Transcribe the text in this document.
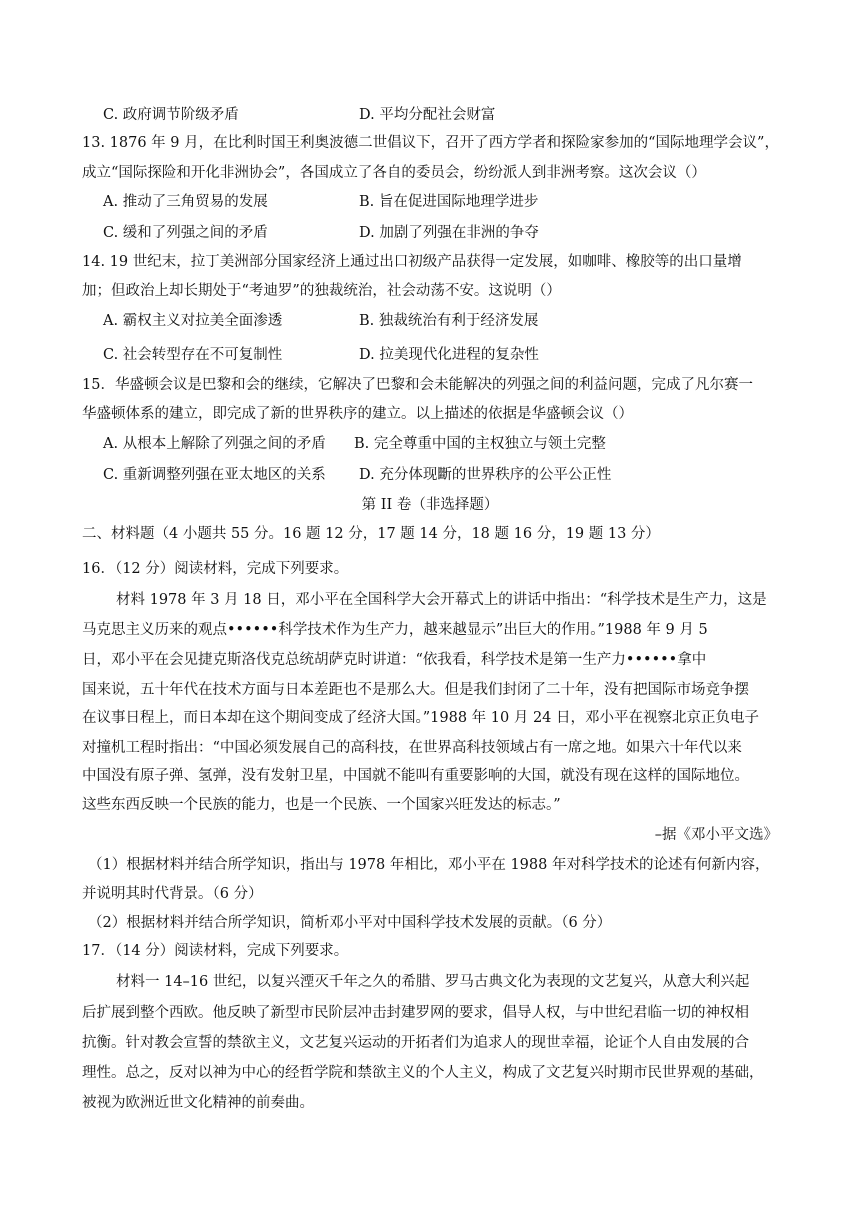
C. 政府调节阶级矛盾	D. 平均分配社会财富
13. 1876 年 9 月，在比利时国王利奥波德二世倡议下，召开了西方学者和探险家参加的“国际地理学会议”，
成立“国际探险和开化非洲协会”，各国成立了各自的委员会，纷纷派人到非洲考察。这次会议（）
A. 推动了三角贸易的发展	B. 旨在促进国际地理学进步
C. 缓和了列强之间的矛盾	D. 加剧了列强在非洲的争夺
14. 19 世纪末，拉丁美洲部分国家经济上通过出口初级产品获得一定发展，如咖啡、橡胶等的出口量增
加；但政治上却长期处于“考迪罗”的独裁统治，社会动荡不安。这说明（）
A. 霸权主义对拉美全面渗透	B. 独裁统治有利于经济发展
C. 社会转型存在不可复制性	D. 拉美现代化进程的复杂性
15．华盛顿会议是巴黎和会的继续，它解决了巴黎和会未能解决的列强之间的利益问题，完成了凡尔赛一
华盛顿体系的建立，即完成了新的世界秩序的建立。以上描述的依据是华盛顿会议（）
A. 从根本上解除了列强之间的矛盾 B. 完全尊重中国的主权独立与领土完整
C. 重新调整列强在亚太地区的关系 D. 充分体现斷的世界秩序的公平公正性
第 II 卷（非选择题）
二、材料题（4 小题共 55 分。16 题 12 分，17 题 14 分，18 题 16 分，19 题 13 分）
16．（12 分）阅读材料，完成下列要求。
材料 1978 年 3 月 18 日，邓小平在全国科学大会开幕式上的讲话中指出：“科学技术是生产力，这是
马克思主义历来的观点••••••科学技术作为生产力，越来越显示”出巨大的作用。”1988 年 9 月 5
日，邓小平在会见捷克斯洛伐克总统胡萨克时讲道：“依我看，科学技术是第一生产力••••••拿中
国来说，五十年代在技术方面与日本差距也不是那么大。但是我们封闭了二十年，没有把国际市场竞争摆
在议事日程上，而日本却在这个期间变成了经济大国。”1988 年 10 月 24 日，邓小平在视察北京正负电子
对撞机工程时指出：“中国必须发展自己的高科技，在世界高科技领域占有一席之地。如果六十年代以来
中国没有原子弹、氢弹，没有发射卫星，中国就不能叫有重要影响的大国，就没有现在这样的国际地位。
这些东西反映一个民族的能力，也是一个民族、一个国家兴旺发达的标志。”
–据《邓小平文选》
（1）根据材料并结合所学知识，指出与 1978 年相比，邓小平在 1988 年对科学技术的论述有何新内容，
并说明其时代背景。（6 分）
（2）根据材料并结合所学知识，简析邓小平对中国科学技术发展的贡献。（6 分）
17．（14 分）阅读材料，完成下列要求。
材料一 14–16 世纪，以复兴湮灭千年之久的希腊、罗马古典文化为表现的文艺复兴，从意大利兴起
后扩展到整个西欧。他反映了新型市民阶层冲击封建罗网的要求，倡导人权，与中世纪君临一切的神权相
抗衡。针对教会宣誓的禁欲主义，文艺复兴运动的开拓者们为追求人的现世幸福，论证个人自由发展的合
理性。总之，反对以神为中心的经哲学院和禁欲主义的个人主义，构成了文艺复兴时期市民世界观的基础，
被视为欧洲近世文化精神的前奏曲。
